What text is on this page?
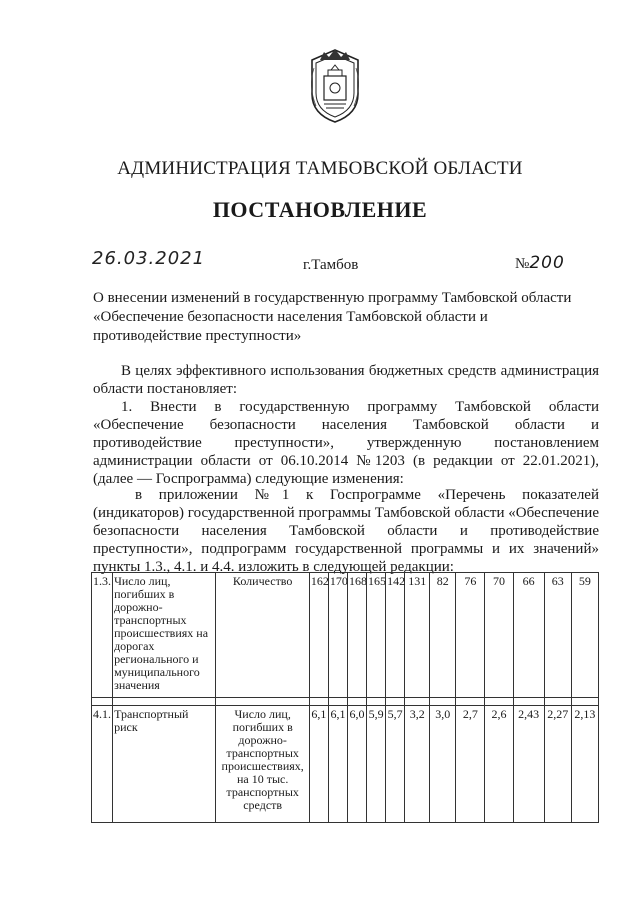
АДМИНИСТРАЦИЯ ТАМБОВСКОЙ ОБЛАСТИ
ПОСТАНОВЛЕНИЕ
26.03.2021	г.Тамбов	№200
О внесении изменений в государственную программу Тамбовской области «Обеспечение безопасности населения Тамбовской области и противодействие преступности»
В целях эффективного использования бюджетных средств администрация области постановляет:
1. Внести в государственную программу Тамбовской области «Обеспечение безопасности населения Тамбовской области и противодействие преступности», утвержденную постановлением администрации области от 06.10.2014 №1203 (в редакции от 22.01.2021), (далее — Госпрограмма) следующие изменения:
в приложении №1 к Госпрограмме «Перечень показателей (индикаторов) государственной программы Тамбовской области «Обеспечение безопасности населения Тамбовской области и противодействие преступности», подпрограмм государственной программы и их значений» пункты 1.3., 4.1. и 4.4. изложить в следующей редакции:
1.3.	Число лиц, погибших в дорожно-транспортных происшествиях на дорогах регионального и муниципального значения	Количество	162	170	168	165	142	131	82	76	70	66	63	59

4.1.	Транспортный риск	Число лиц, погибших в дорожно-транспортных происшествиях, на 10 тыс. транспортных средств	6,1	6,1	6,0	5,9	5,7	3,2	3,0	2,7	2,6	2,43	2,27	2,13
